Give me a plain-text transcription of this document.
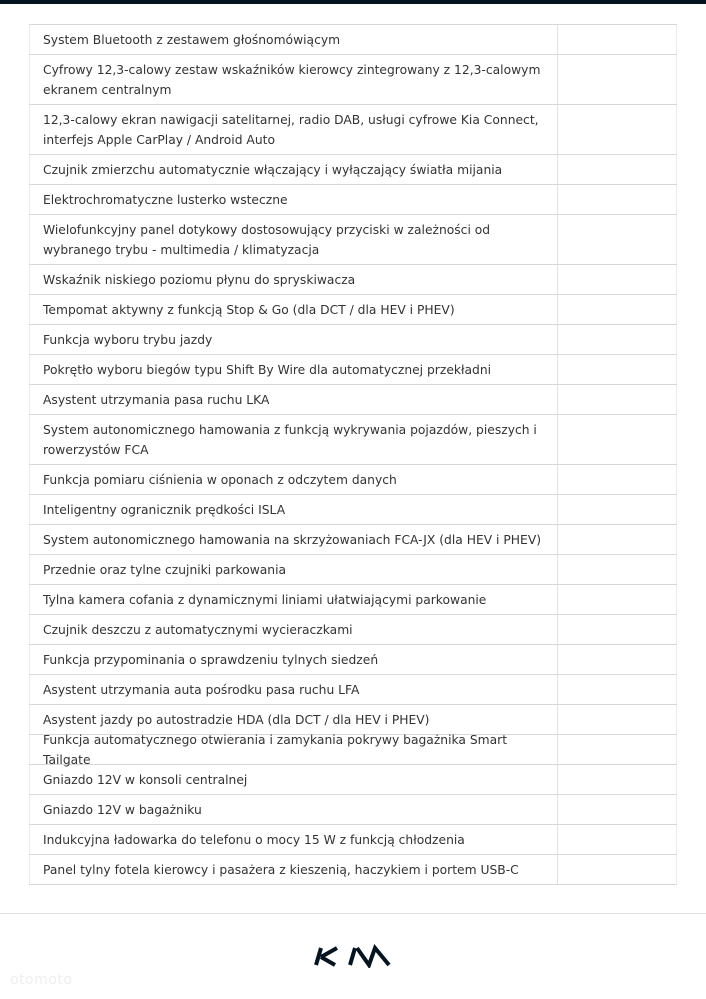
System Bluetooth z zestawem głośnomówiącym
Cyfrowy 12,3-calowy zestaw wskaźników kierowcy zintegrowany z 12,3-calowym ekranem centralnym
12,3-calowy ekran nawigacji satelitarnej, radio DAB, usługi cyfrowe Kia Connect, interfejs Apple CarPlay / Android Auto
Czujnik zmierzchu automatycznie włączający i wyłączający światła mijania
Elektrochromatyczne lusterko wsteczne
Wielofunkcyjny panel dotykowy dostosowujący przyciski w zależności od wybranego trybu - multimedia / klimatyzacja
Wskaźnik niskiego poziomu płynu do spryskiwacza
Tempomat aktywny z funkcją Stop & Go (dla DCT / dla HEV i PHEV)
Funkcja wyboru trybu jazdy
Pokrętło wyboru biegów typu Shift By Wire dla automatycznej przekładni
Asystent utrzymania pasa ruchu LKA
System autonomicznego hamowania z funkcją wykrywania pojazdów, pieszych i rowerzystów FCA
Funkcja pomiaru ciśnienia w oponach z odczytem danych
Inteligentny ogranicznik prędkości ISLA
System autonomicznego hamowania na skrzyżowaniach FCA-JX (dla HEV i PHEV)
Przednie oraz tylne czujniki parkowania
Tylna kamera cofania z dynamicznymi liniami ułatwiającymi parkowanie
Czujnik deszczu z automatycznymi wycieraczkami
Funkcja przypominania o sprawdzeniu tylnych siedzeń
Asystent utrzymania auta pośrodku pasa ruchu LFA
Asystent jazdy po autostradzie HDA (dla DCT / dla HEV i PHEV)
Funkcja automatycznego otwierania i zamykania pokrywy bagażnika Smart Tailgate
Gniazdo 12V w konsoli centralnej
Gniazdo 12V w bagażniku
Indukcyjna ładowarka do telefonu o mocy 15 W z funkcją chłodzenia
Panel tylny fotela kierowcy i pasażera z kieszenią, haczykiem i portem USB-C
otomoto
